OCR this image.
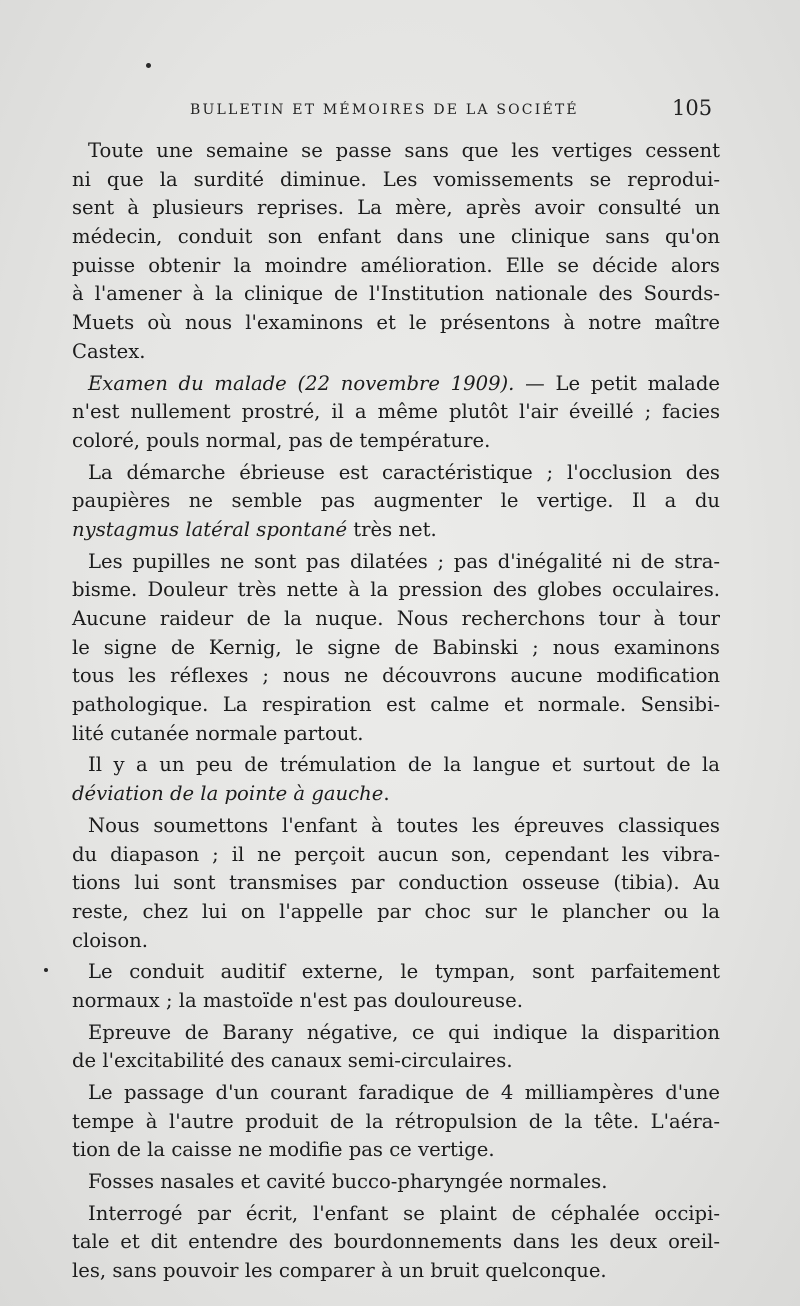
BULLETIN ET MÉMOIRES DE LA SOCIÉTÉ	105
Toute une semaine se passe sans que les vertiges cessent
ni que la surdité diminue. Les vomissements se reprodui-
sent à plusieurs reprises. La mère, après avoir consulté un
médecin, conduit son enfant dans une clinique sans qu'on
puisse obtenir la moindre amélioration. Elle se décide alors
à l'amener à la clinique de l'Institution nationale des Sourds-
Muets où nous l'examinons et le présentons à notre maître
Castex.
Examen du malade (22 novembre 1909). — Le petit malade
n'est nullement prostré, il a même plutôt l'air éveillé ; facies
coloré, pouls normal, pas de température.
La démarche ébrieuse est caractéristique ; l'occlusion des
paupières ne semble pas augmenter le vertige. Il a du
nystagmus latéral spontané très net.
Les pupilles ne sont pas dilatées ; pas d'inégalité ni de stra-
bisme. Douleur très nette à la pression des globes occulaires.
Aucune raideur de la nuque. Nous recherchons tour à tour
le signe de Kernig, le signe de Babinski ; nous examinons
tous les réflexes ; nous ne découvrons aucune modification
pathologique. La respiration est calme et normale. Sensibi-
lité cutanée normale partout.
Il y a un peu de trémulation de la langue et surtout de la
déviation de la pointe à gauche.
Nous soumettons l'enfant à toutes les épreuves classiques
du diapason ; il ne perçoit aucun son, cependant les vibra-
tions lui sont transmises par conduction osseuse (tibia). Au
reste, chez lui on l'appelle par choc sur le plancher ou la
cloison.
Le conduit auditif externe, le tympan, sont parfaitement
normaux ; la mastoïde n'est pas douloureuse.
Epreuve de Barany négative, ce qui indique la disparition
de l'excitabilité des canaux semi-circulaires.
Le passage d'un courant faradique de 4 milliampères d'une
tempe à l'autre produit de la rétropulsion de la tête. L'aéra-
tion de la caisse ne modifie pas ce vertige.
Fosses nasales et cavité bucco-pharyngée normales.
Interrogé par écrit, l'enfant se plaint de céphalée occipi-
tale et dit entendre des bourdonnements dans les deux oreil-
les, sans pouvoir les comparer à un bruit quelconque.
